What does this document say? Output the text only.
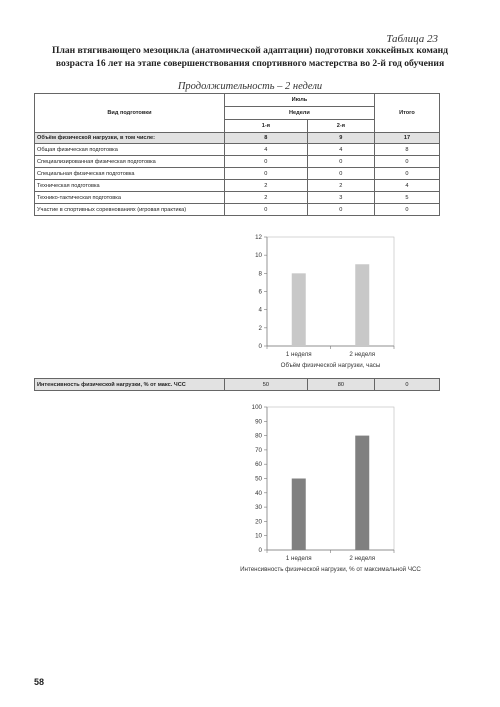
Таблица 23
План втягивающего мезоцикла (анатомической адаптации) подготовки хоккейных команд
возраста 16 лет на этапе совершенствования спортивного мастерства во 2-й год обучения
Продолжительность – 2 недели
Вид подготовки	Июль		Итого
	Недели		
	1-я	2-я	
Объём физической нагрузки, в том числе:	8	9	17
Общая физическая подготовка	4	4	8
Специализированная физическая подготовка	0	0	0
Специальная физическая подготовка	0	0	0
Техническая подготовка	2	2	4
Технико-тактическая подготовка	2	3	5
Участие в спортивных соревнованиях (игровая практика)	0	0	0
0
2
4
6
8
10
12
1 неделя	2 неделя
Объём физической нагрузки, часы
Интенсивность физической нагрузки, % от макс. ЧСС	50	80	0
0
10
20
30
40
50
60
70
80
90
100
1 неделя	2 неделя
Интенсивность физической нагрузки, % от максимальной ЧСС
58
